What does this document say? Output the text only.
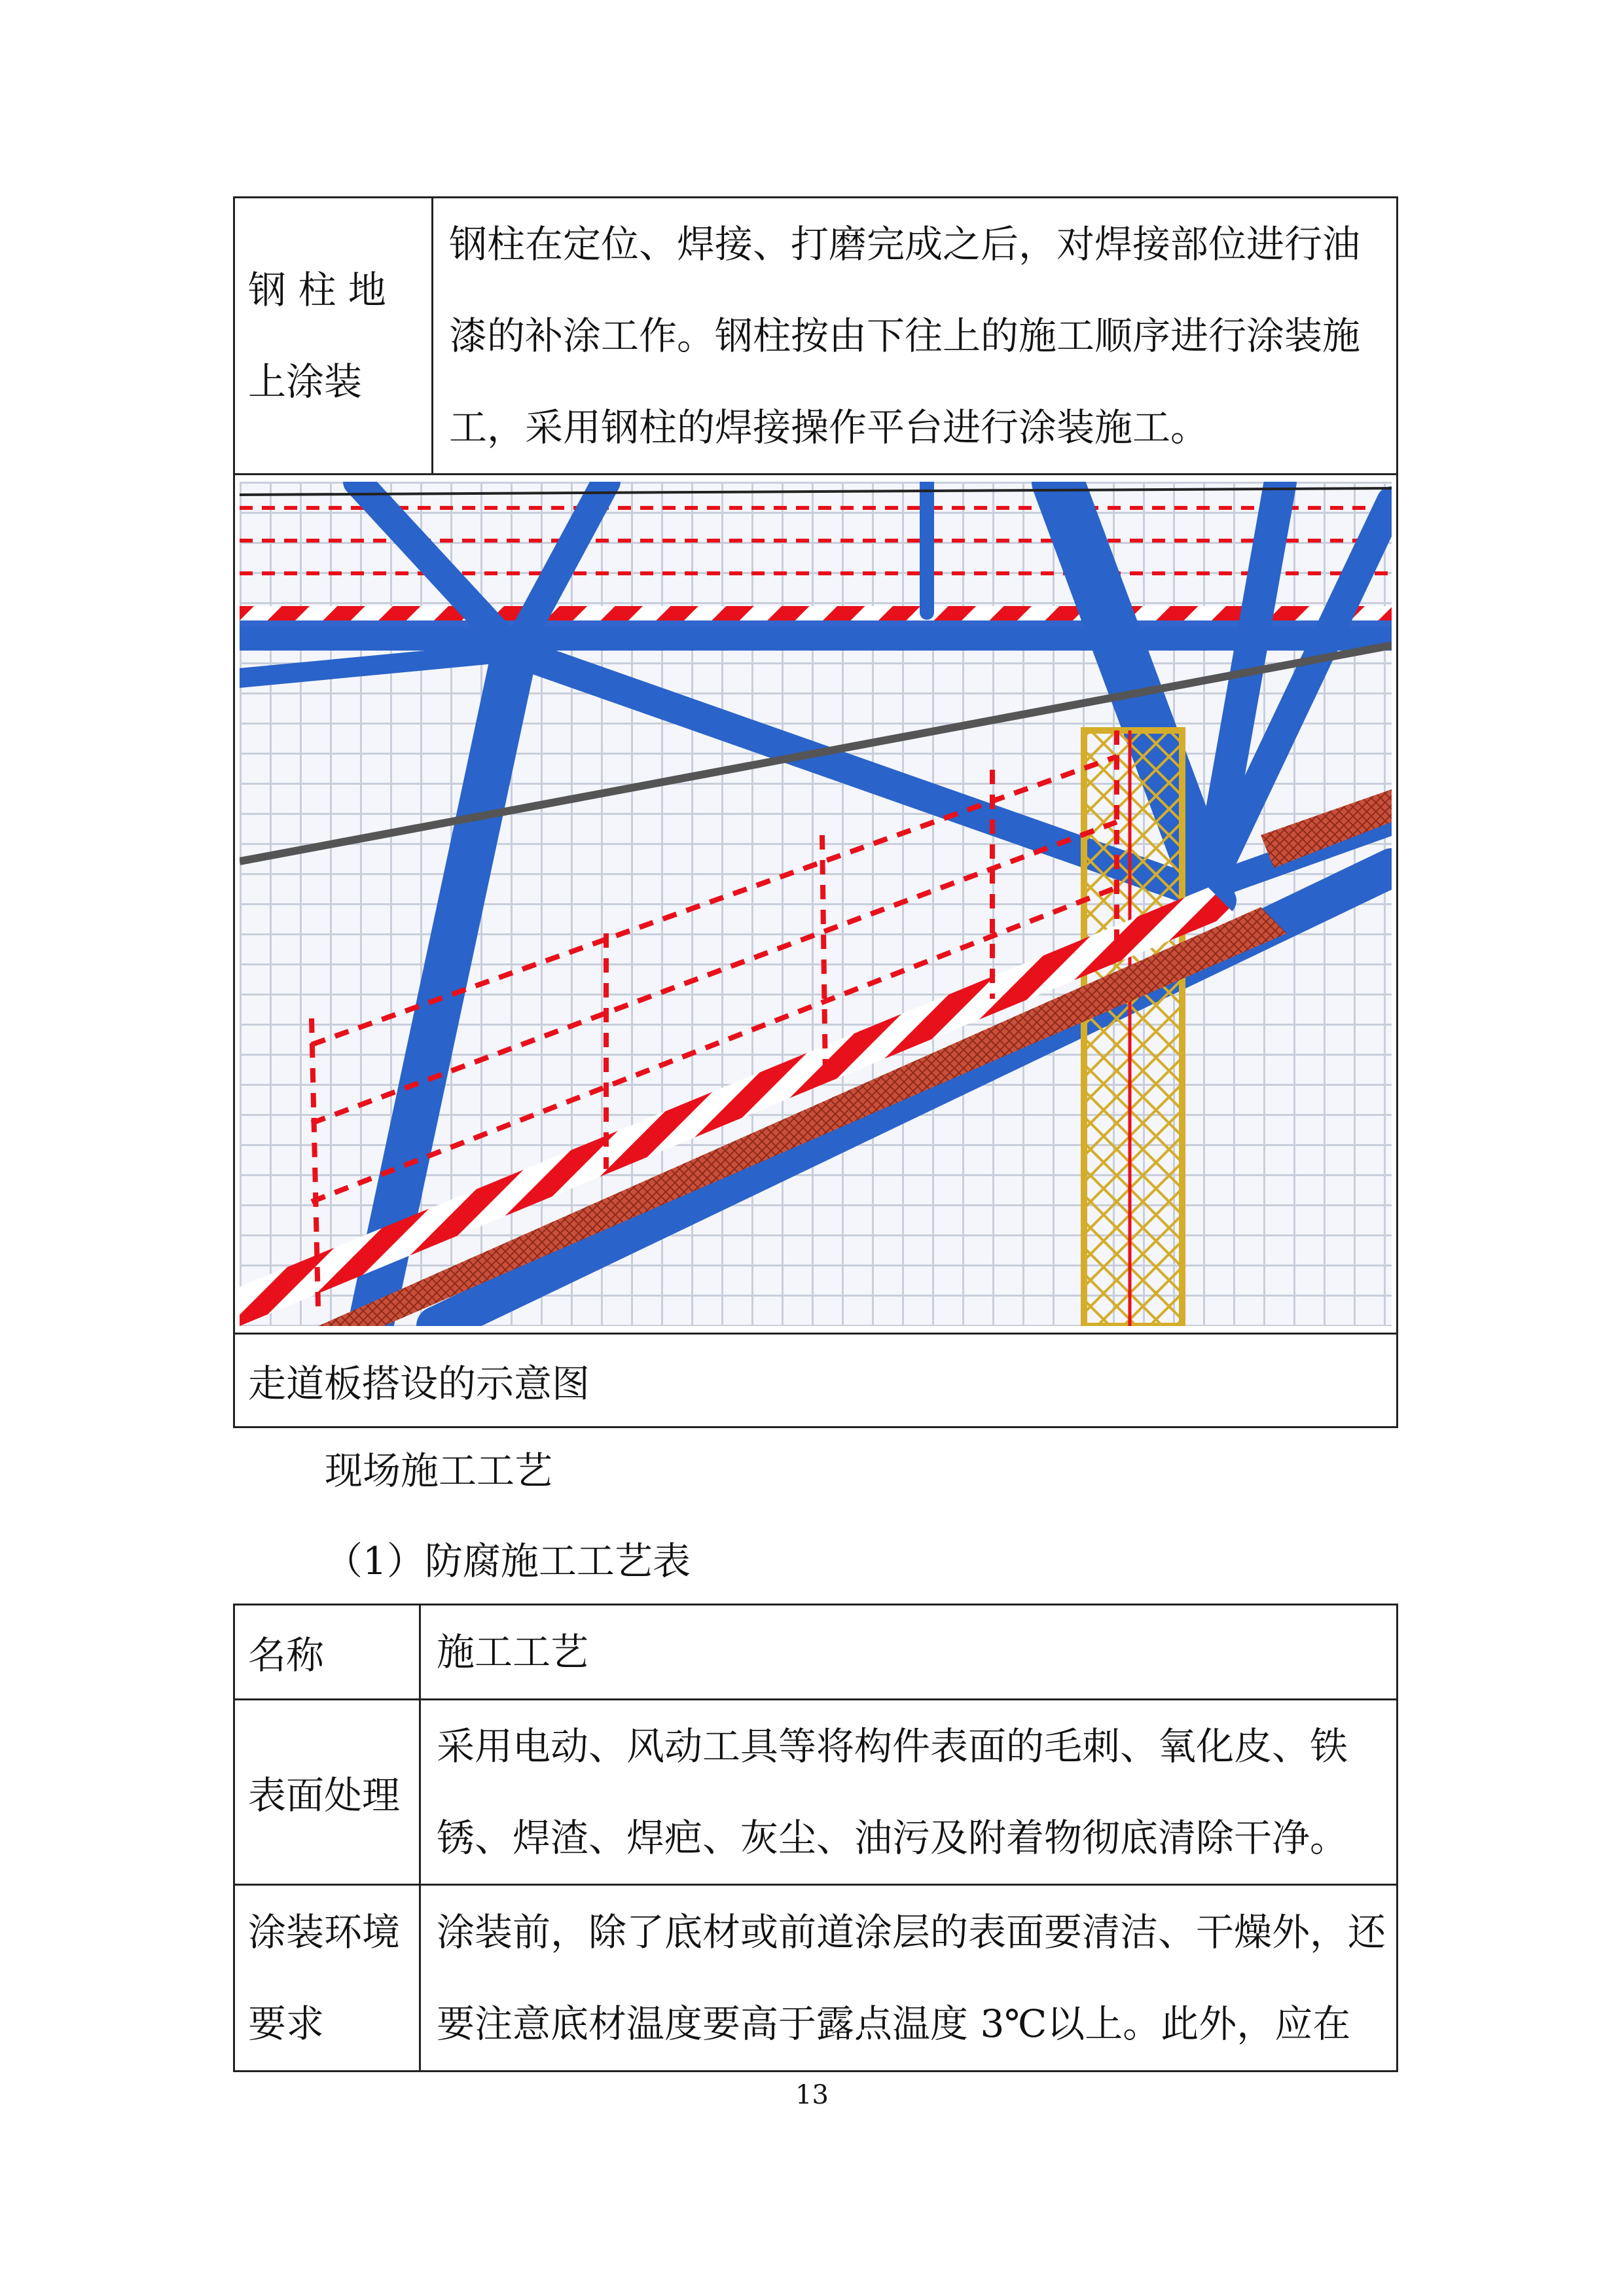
钢 柱 地
上涂装
	钢柱在定位、焊接、打磨完成之后，对焊接部位进行油漆的补涂工作。钢柱按由下往上的施工顺序进行涂装施工，采用钢柱的焊接操作平台进行涂装施工。

走道板搭设的示意图
现场施工工艺
（1）防腐施工工艺表
名称	施工工艺
表面处理	采用电动、风动工具等将构件表面的毛刺、氧化皮、铁锈、焊渣、焊疤、灰尘、油污及附着物彻底清除干净。
涂装环境要求	涂装前，除了底材或前道涂层的表面要清洁、干燥外，还要注意底材温度要高于露点温度 3℃以上。此外，应在
13
